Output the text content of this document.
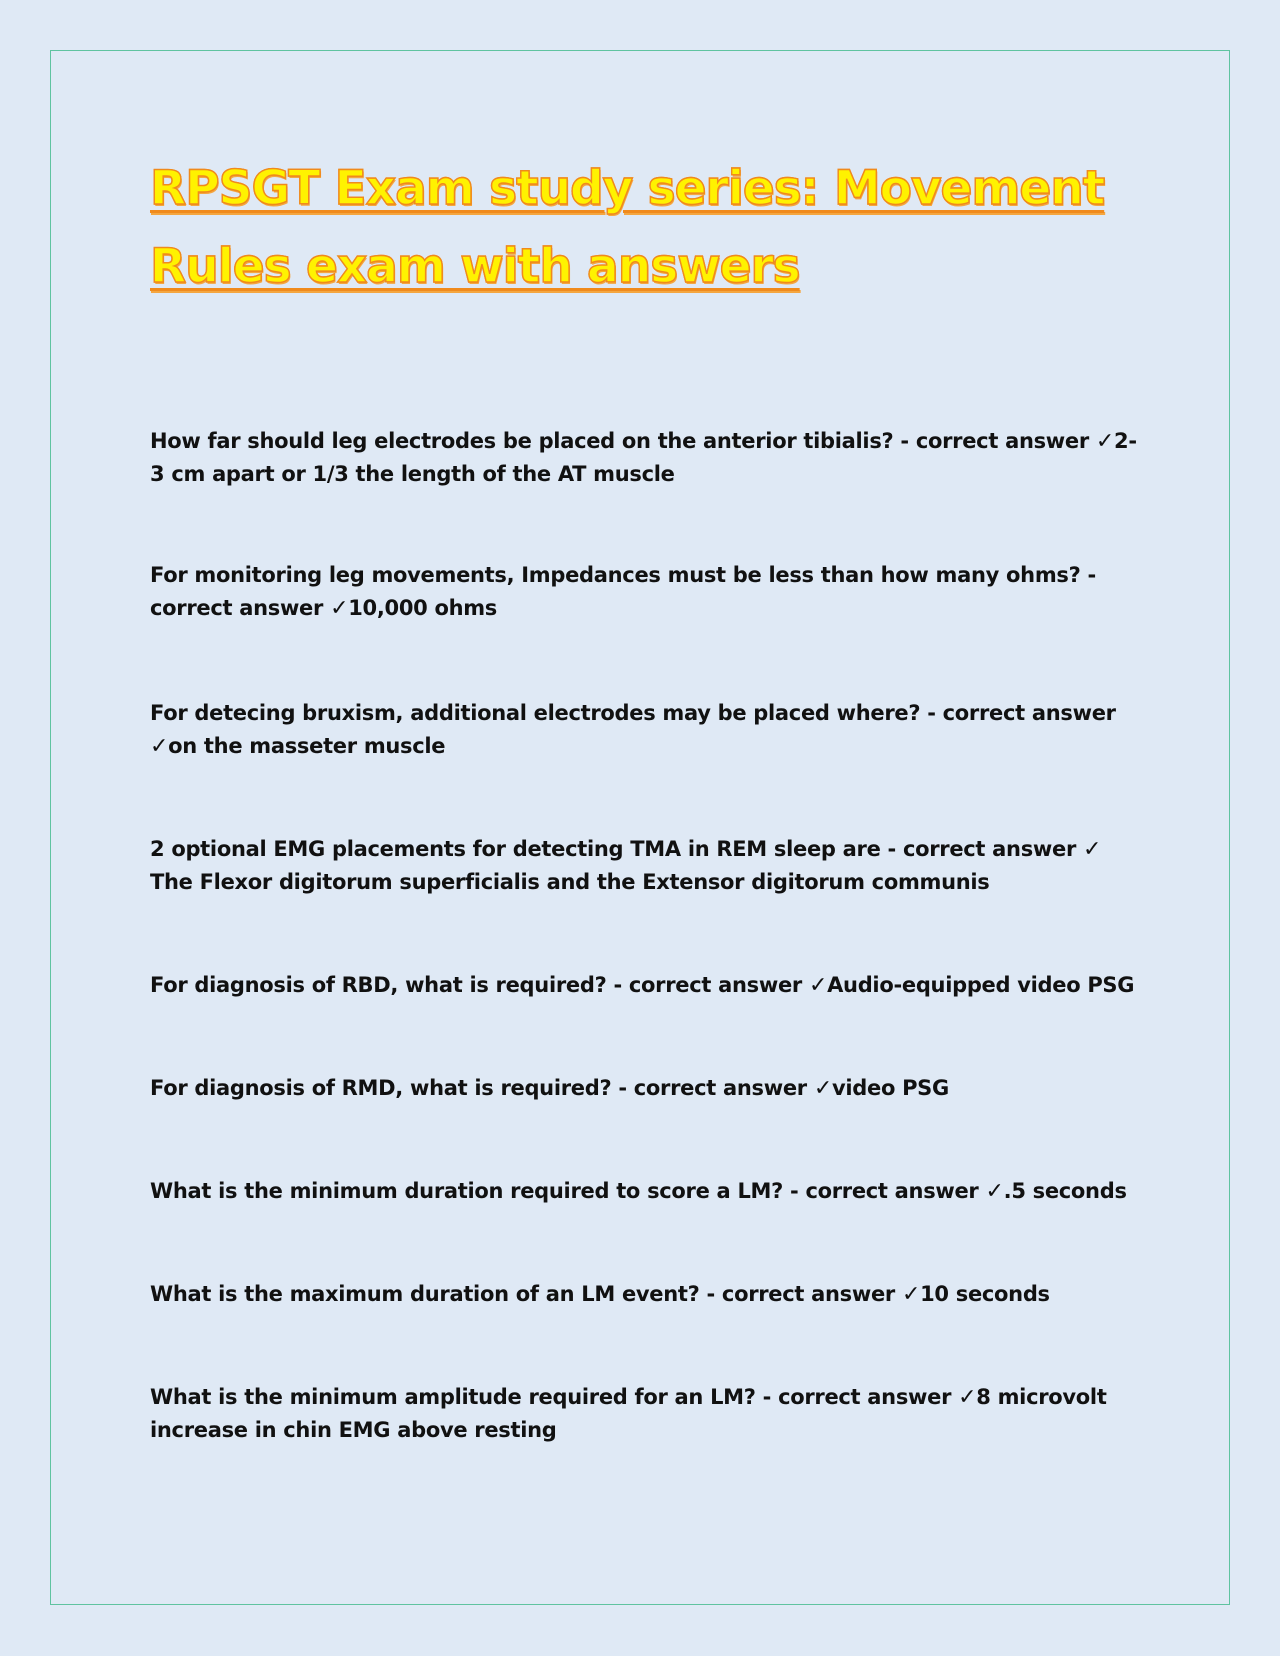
RPSGT Exam study series: Movement Rules exam with answers

How far should leg electrodes be placed on the anterior tibialis? - correct answer ✓2-3 cm apart or 1/3 the length of the AT muscle

For monitoring leg movements, Impedances must be less than how many ohms? - correct answer ✓10,000 ohms

For detecing bruxism, additional electrodes may be placed where? - correct answer ✓on the masseter muscle

2 optional EMG placements for detecting TMA in REM sleep are - correct answer ✓The Flexor digitorum superficialis and the Extensor digitorum communis

For diagnosis of RBD, what is required? - correct answer ✓Audio-equipped video PSG

For diagnosis of RMD, what is required? - correct answer ✓video PSG

What is the minimum duration required to score a LM? - correct answer ✓.5 seconds

What is the maximum duration of an LM event? - correct answer ✓10 seconds

What is the minimum amplitude required for an LM? - correct answer ✓8 microvolt increase in chin EMG above resting
